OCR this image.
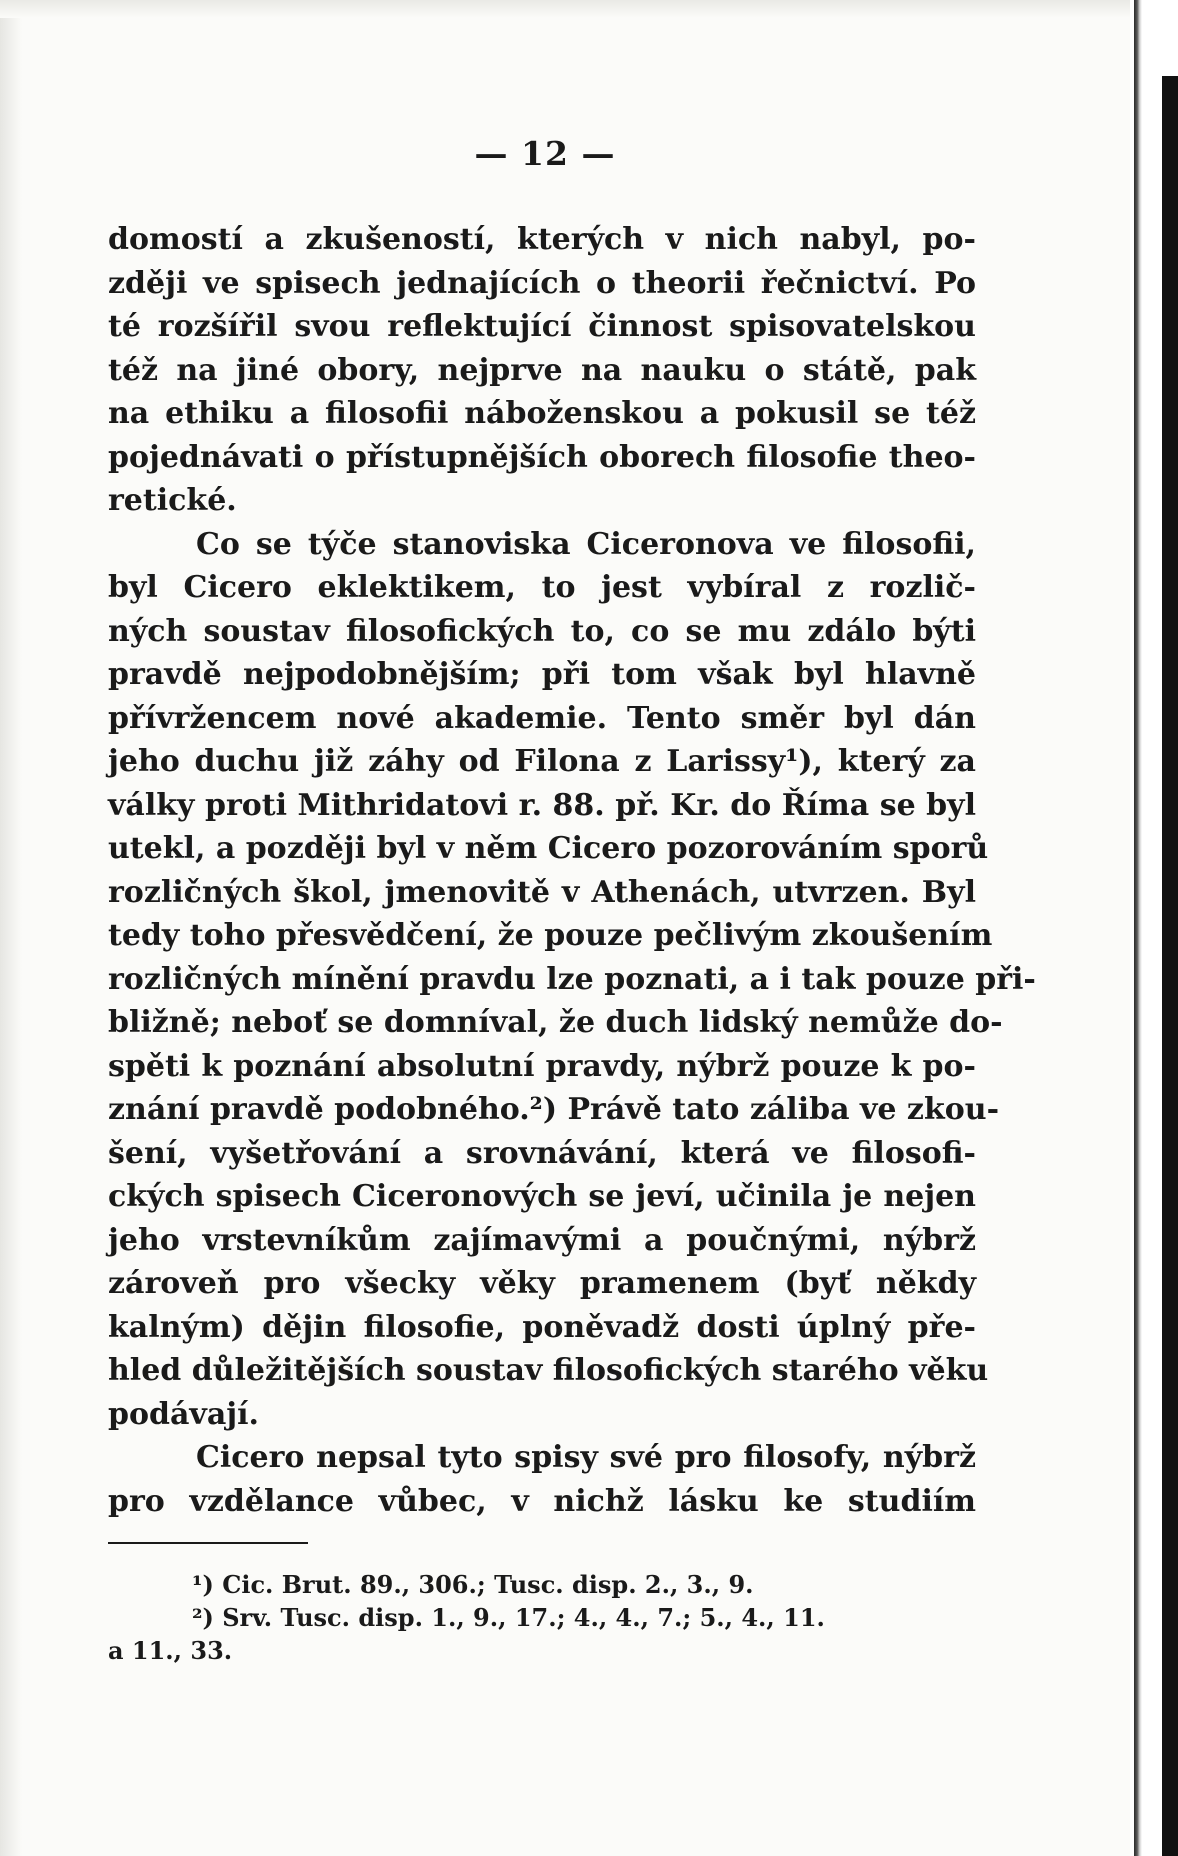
— 12 —
domostí a zkušeností, kterých v nich nabyl, po-
zději ve spisech jednajících o theorii řečnictví. Po
té rozšířil svou reflektující činnost spisovatelskou
též na jiné obory, nejprve na nauku o státě, pak
na ethiku a filosofii náboženskou a pokusil se též
pojednávati o přístupnějších oborech filosofie theo-
retické.
Co se týče stanoviska Ciceronova ve filosofii,
byl Cicero eklektikem, to jest vybíral z rozlič-
ných soustav filosofických to, co se mu zdálo býti
pravdě nejpodobnějším; při tom však byl hlavně
přívržencem nové akademie. Tento směr byl dán
jeho duchu již záhy od Filona z Larissy¹), který za
války proti Mithridatovi r. 88. př. Kr. do Říma se byl
utekl, a později byl v něm Cicero pozorováním sporů
rozličných škol, jmenovitě v Athenách, utvrzen. Byl
tedy toho přesvědčení, že pouze pečlivým zkoušením
rozličných mínění pravdu lze poznati, a i tak pouze při-
bližně; neboť se domníval, že duch lidský nemůže do-
spěti k poznání absolutní pravdy, nýbrž pouze k po-
znání pravdě podobného.²) Právě tato záliba ve zkou-
šení, vyšetřování a srovnávání, která ve filosofi-
ckých spisech Ciceronových se jeví, učinila je nejen
jeho vrstevníkům zajímavými a poučnými, nýbrž
zároveň pro všecky věky pramenem (byť někdy
kalným) dějin filosofie, poněvadž dosti úplný pře-
hled důležitějších soustav filosofických starého věku
podávají.
Cicero nepsal tyto spisy své pro filosofy, nýbrž
pro vzdělance vůbec, v nichž lásku ke studiím
¹) Cic. Brut. 89., 306.; Tusc. disp. 2., 3., 9.
²) Srv. Tusc. disp. 1., 9., 17.; 4., 4., 7.; 5., 4., 11.
a 11., 33.
